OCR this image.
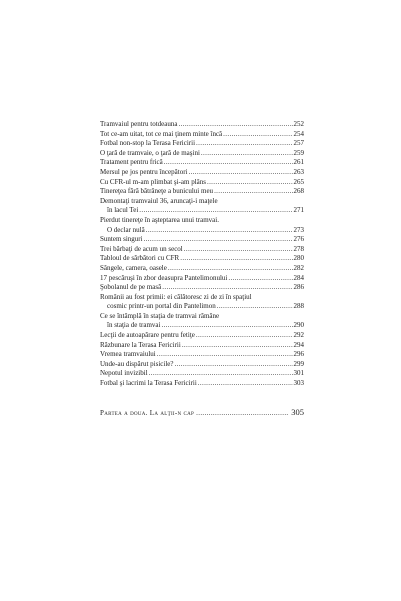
Tramvaiul pentru totdeauna .....	252
Tot ce-am uitat, tot ce mai ţinem minte încă .....	254
Fotbal non-stop la Terasa Fericirii .....	257
O ţară de tramvaie, o ţară de maşini .....	259
Tratament pentru frică .....	261
Mersul pe jos pentru începători .....	263
Cu CFR-ul m-am plimbat şi-am plâns .....	265
Tinereţea fără bătrâneţe a bunicului meu .....	268
Demontaţi tramvaiul 36, aruncaţi-i maţele
în lacul Tei .....	271
Pierdut tinereţe în aşteptarea unui tramvai.
O declar nulă .....	273
Suntem singuri .....	276
Trei bărbaţi de acum un secol .....	278
Tabloul de sărbători cu CFR .....	280
Sângele, camera, oasele .....	282
17 pescăruşi în zbor deasupra Pantelimonului .....	284
Şobolanul de pe masă .....	286
Românii au fost primii: ei călătoresc zi de zi în spaţiul
cosmic printr-un portal din Pantelimon .....	288
Ce se întâmplă în staţia de tramvai rămâne
în staţia de tramvai .....	290
Lecţii de autoapărare pentru fetiţe .....	292
Răzbunare la Terasa Fericirii .....	294
Vremea tramvaiului .....	296
Unde-au dispărut pisicile? .....	299
Nepotul invizibil .....	301
Fotbal şi lacrimi la Terasa Fericirii .....	303
Partea a doua. La alţii-n cap .....	305
